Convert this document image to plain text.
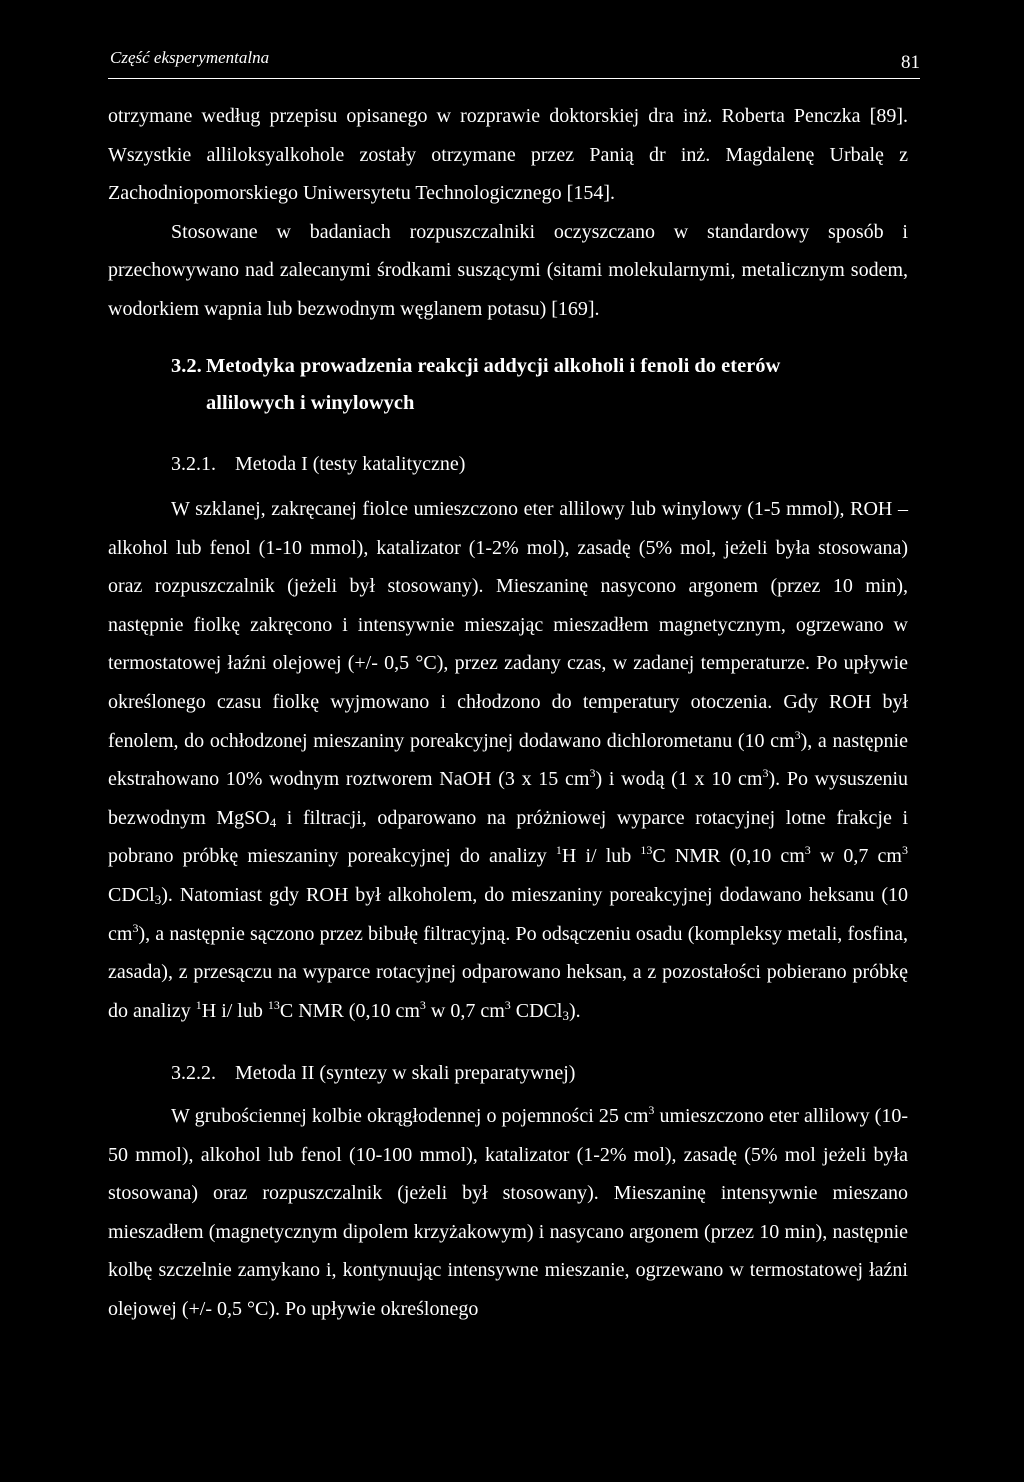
Część eksperymentalna	81

otrzymane według przepisu opisanego w rozprawie doktorskiej dra inż. Roberta Penczka [89]. Wszystkie alliloksyalkohole zostały otrzymane przez Panią dr inż. Magdalenę Urbalę z Zachodniopomorskiego Uniwersytetu Technologicznego [154].

Stosowane w badaniach rozpuszczalniki oczyszczano w standardowy sposób i przechowywano nad zalecanymi środkami suszącymi (sitami molekularnymi, metalicznym sodem, wodorkiem wapnia lub bezwodnym węglanem potasu) [169].

3.2. Metodyka prowadzenia reakcji addycji alkoholi i fenoli do eterów
allilowych i winylowych
3.2.1. Metoda I (testy katalityczne)

W szklanej, zakręcanej fiolce umieszczono eter allilowy lub winylowy (1-5 mmol), ROH – alkohol lub fenol (1-10 mmol), katalizator (1-2% mol), zasadę (5% mol, jeżeli była stosowana) oraz rozpuszczalnik (jeżeli był stosowany). Mieszaninę nasycono argonem (przez 10 min), następnie fiolkę zakręcono i intensywnie mieszając mieszadłem magnetycznym, ogrzewano w termostatowej łaźni olejowej (+/- 0,5 °C), przez zadany czas, w zadanej temperaturze. Po upływie określonego czasu fiolkę wyjmowano i chłodzono do temperatury otoczenia. Gdy ROH był fenolem, do ochłodzonej mieszaniny poreakcyjnej dodawano dichlorometanu (10 $cm^3$), a następnie ekstrahowano 10% wodnym roztworem NaOH (3 x 15 $cm^3$) i wodą (1 x 10 $cm^3$). Po wysuszeniu bezwodnym MgSO$_4$ i filtracji, odparowano na próżniowej wyparce rotacyjnej lotne frakcje i pobrano próbkę mieszaniny poreakcyjnej do analizy $^1$H i/ lub $^{13}$C NMR (0,10 $cm^3$ w 0,7 $cm^3$ CDCl$_3$). Natomiast gdy ROH był alkoholem, do mieszaniny poreakcyjnej dodawano heksanu (10 $cm^3$), a następnie sączono przez bibułę filtracyjną. Po odsączeniu osadu (kompleksy metali, fosfina, zasada), z przesączu na wyparce rotacyjnej odparowano heksan, a z pozostałości pobierano próbkę do analizy $^1$H i/ lub $^{13}$C NMR (0,10 $cm^3$ w 0,7 $cm^3$ CDCl$_3$).

3.2.2. Metoda II (syntezy w skali preparatywnej)

W grubościennej kolbie okrągłodennej o pojemności 25 $cm^3$ umieszczono eter allilowy (10-50 mmol), alkohol lub fenol (10-100 mmol), katalizator (1-2% mol), zasadę (5% mol jeżeli była stosowana) oraz rozpuszczalnik (jeżeli był stosowany). Mieszaninę intensywnie mieszano mieszadłem (magnetycznym dipolem krzyżakowym) i nasycano argonem (przez 10 min), następnie kolbę szczelnie zamykano i, kontynuując intensywne mieszanie, ogrzewano w termostatowej łaźni olejowej (+/- 0,5 °C). Po upływie określonego
